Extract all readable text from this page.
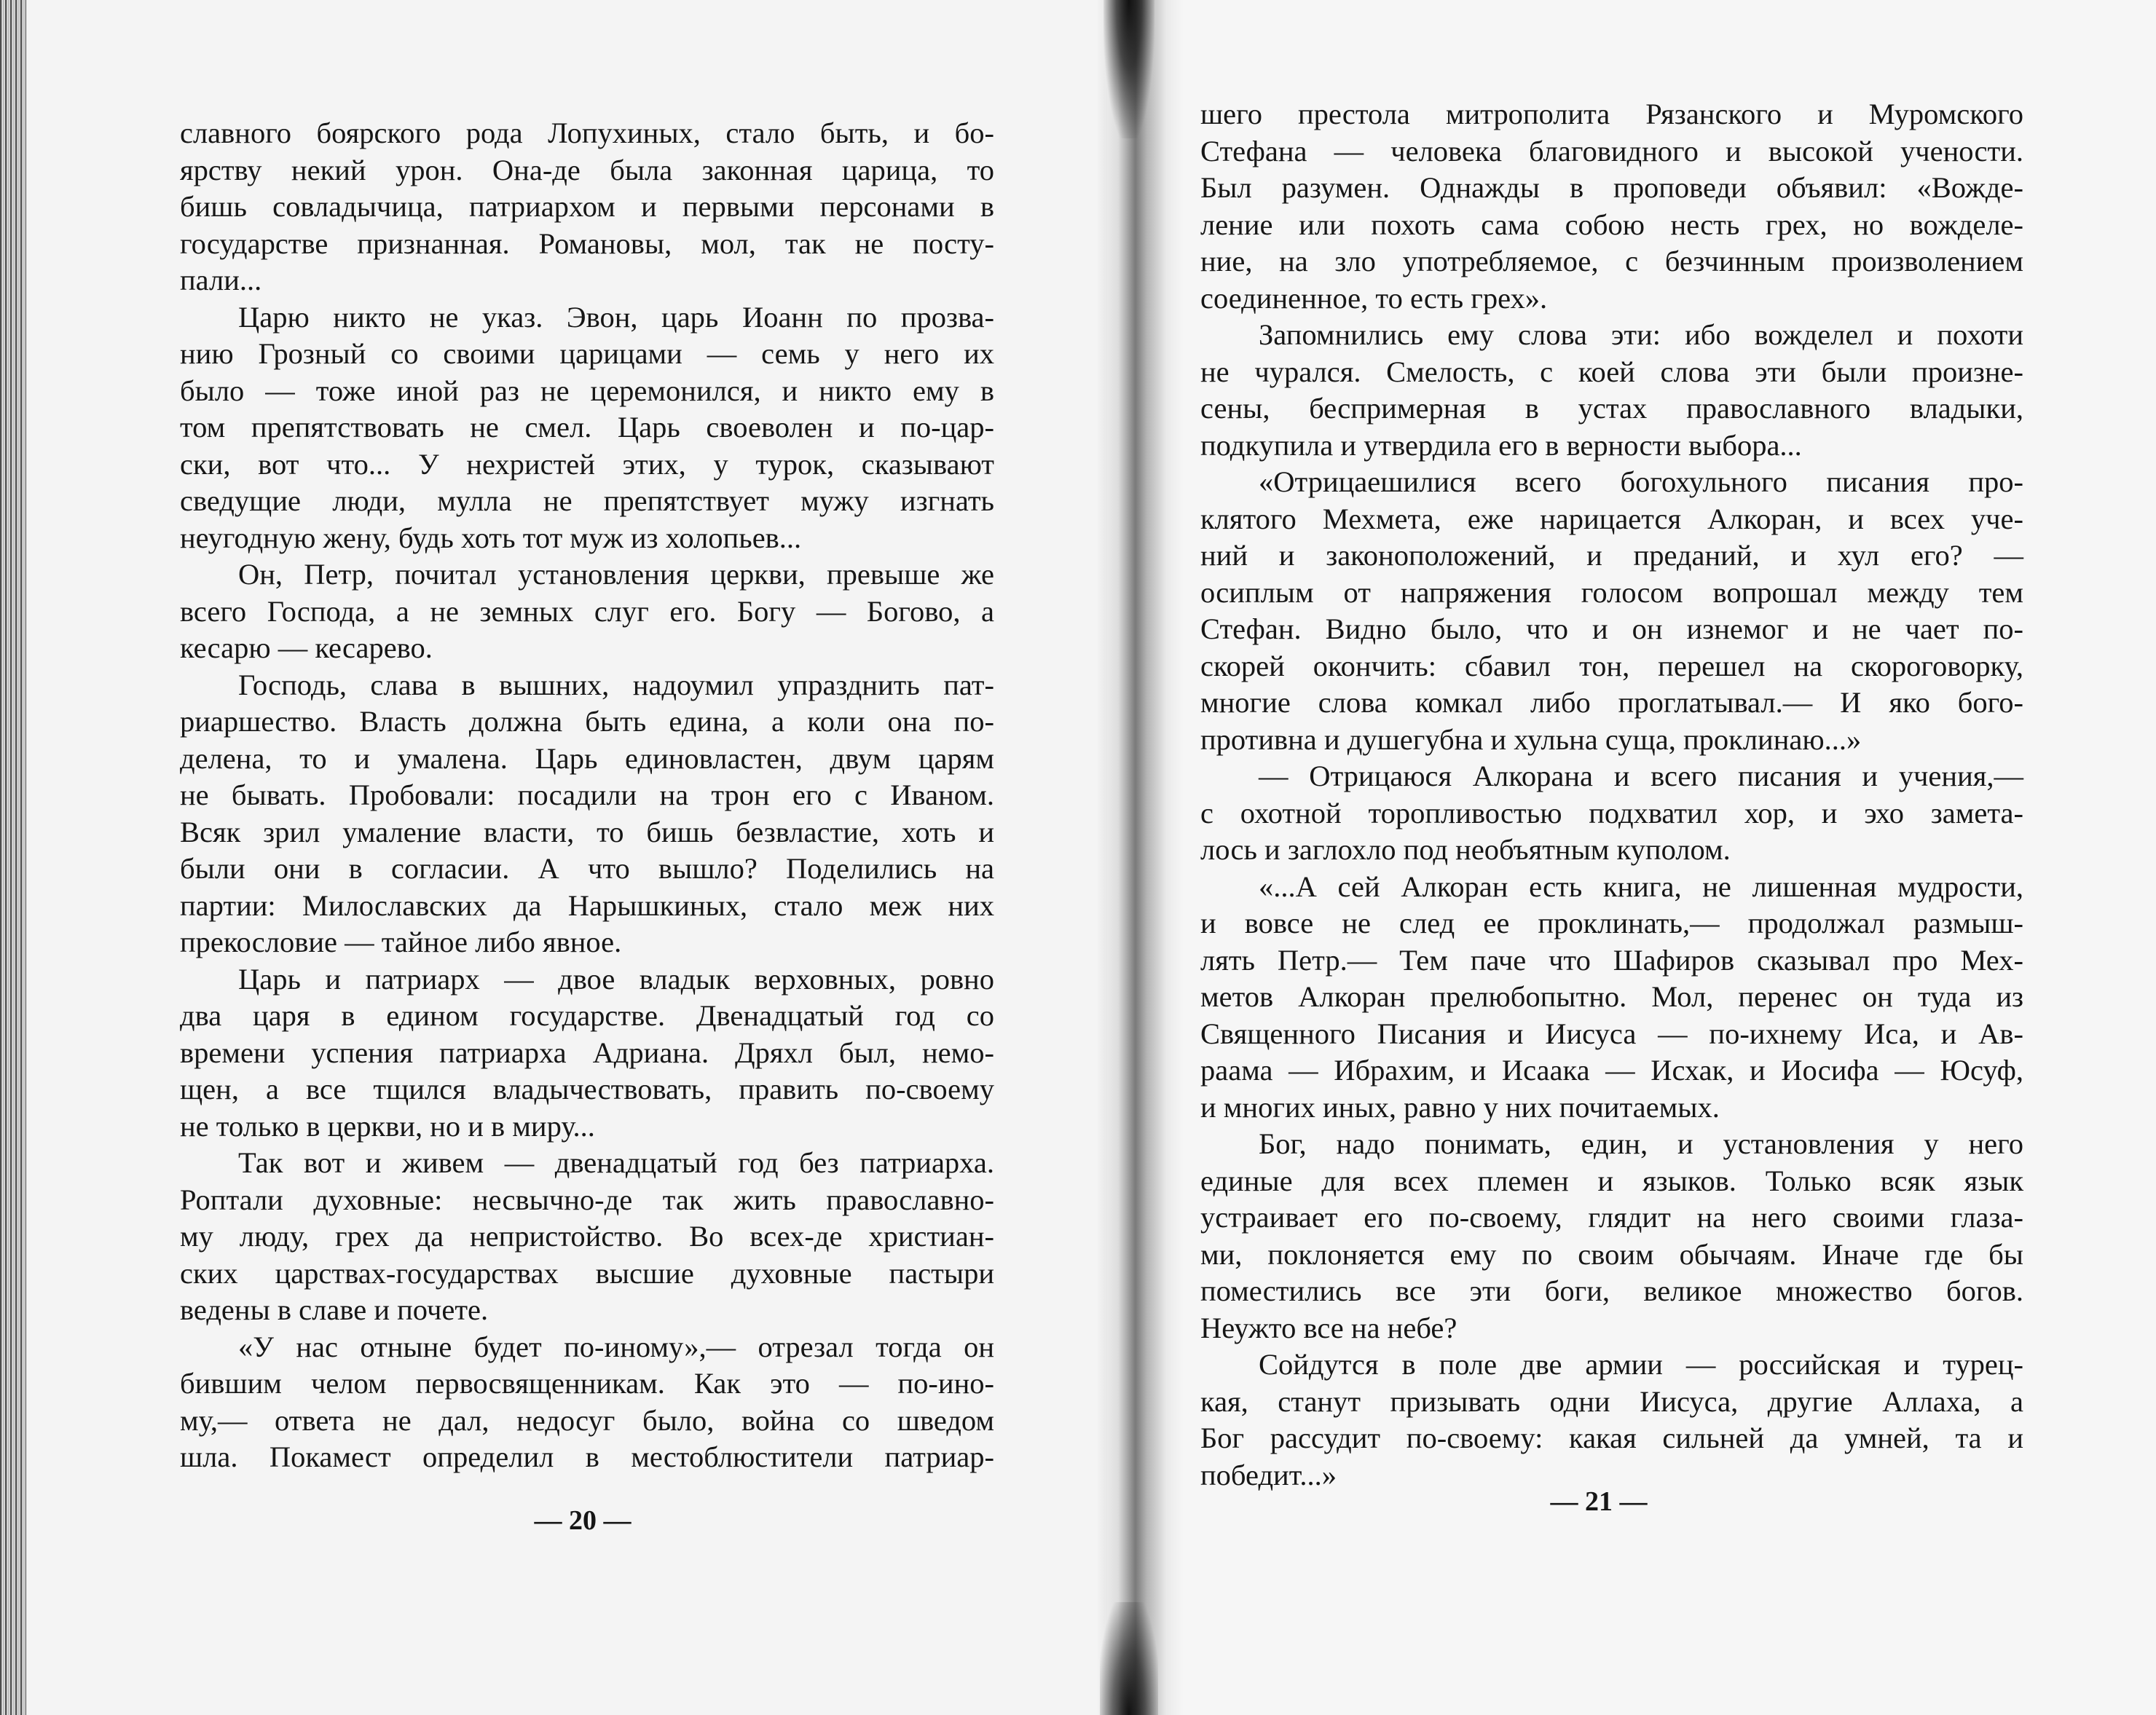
славного боярского рода Лопухиных, стало быть, и бо-
ярству некий урон. Она-де была законная царица, то
бишь совладычица, патриархом и первыми персонами в
государстве признанная. Романовы, мол, так не посту-
пали...
Царю никто не указ. Эвон, царь Иоанн по прозва-
нию Грозный со своими царицами — семь у него их
было — тоже иной раз не церемонился, и никто ему в
том препятствовать не смел. Царь своеволен и по-цар-
ски, вот что... У нехристей этих, у турок, сказывают
сведущие люди, мулла не препятствует мужу изгнать
неугодную жену, будь хоть тот муж из холопьев...
Он, Петр, почитал установления церкви, превыше же
всего Господа, а не земных слуг его. Богу — Богово, а
кесарю — кесарево.
Господь, слава в вышних, надоумил упразднить пат-
риаршество. Власть должна быть едина, а коли она по-
делена, то и умалена. Царь единовластен, двум царям
не бывать. Пробовали: посадили на трон его с Иваном.
Всяк зрил умаление власти, то бишь безвластие, хоть и
были они в согласии. А что вышло? Поделились на
партии: Милославских да Нарышкиных, стало меж них
прекословие — тайное либо явное.
Царь и патриарх — двое владык верховных, ровно
два царя в едином государстве. Двенадцатый год со
времени успения патриарха Адриана. Дряхл был, немо-
щен, а все тщился владычествовать, править по-своему
не только в церкви, но и в миру...
Так вот и живем — двенадцатый год без патриарха.
Роптали духовные: несвычно-де так жить православно-
му люду, грех да непристойство. Во всех-де христиан-
ских царствах-государствах высшие духовные пастыри
ведены в славе и почете.
«У нас отныне будет по-иному»,— отрезал тогда он
бившим челом первосвященникам. Как это — по-ино-
му,— ответа не дал, недосуг было, война со шведом
шла. Покамест определил в местоблюстители патриар-
— 20 —
шего престола митрополита Рязанского и Муромского
Стефана — человека благовидного и высокой учености.
Был разумен. Однажды в проповеди объявил: «Вожде-
ление или похоть сама собою несть грех, но вожделе-
ние, на зло употребляемое, с безчинным произволением
соединенное, то есть грех».
Запомнились ему слова эти: ибо вожделел и похоти
не чурался. Смелость, с коей слова эти были произне-
сены, беспримерная в устах православного владыки,
подкупила и утвердила его в верности выбора...
«Отрицаешилися всего богохульного писания про-
клятого Мехмета, еже нарицается Алкоран, и всех уче-
ний и законоположений, и преданий, и хул его? —
осиплым от напряжения голосом вопрошал между тем
Стефан. Видно было, что и он изнемог и не чает по-
скорей окончить: сбавил тон, перешел на скороговорку,
многие слова комкал либо проглатывал.— И яко бого-
противна и душегубна и хульна суща, проклинаю...»
— Отрицаюся Алкорана и всего писания и учения,—
с охотной торопливостью подхватил хор, и эхо замета-
лось и заглохло под необъятным куполом.
«...А сей Алкоран есть книга, не лишенная мудрости,
и вовсе не след ее проклинать,— продолжал размыш-
лять Петр.— Тем паче что Шафиров сказывал про Мех-
метов Алкоран прелюбопытно. Мол, перенес он туда из
Священного Писания и Иисуса — по-ихнему Иса, и Ав-
раама — Ибрахим, и Исаака — Исхак, и Иосифа — Юсуф,
и многих иных, равно у них почитаемых.
Бог, надо понимать, един, и установления у него
единые для всех племен и языков. Только всяк язык
устраивает его по-своему, глядит на него своими глаза-
ми, поклоняется ему по своим обычаям. Иначе где бы
поместились все эти боги, великое множество богов.
Неужто все на небе?
Сойдутся в поле две армии — российская и турец-
кая, станут призывать одни Иисуса, другие Аллаха, а
Бог рассудит по-своему: какая сильней да умней, та и
победит...»
— 21 —
